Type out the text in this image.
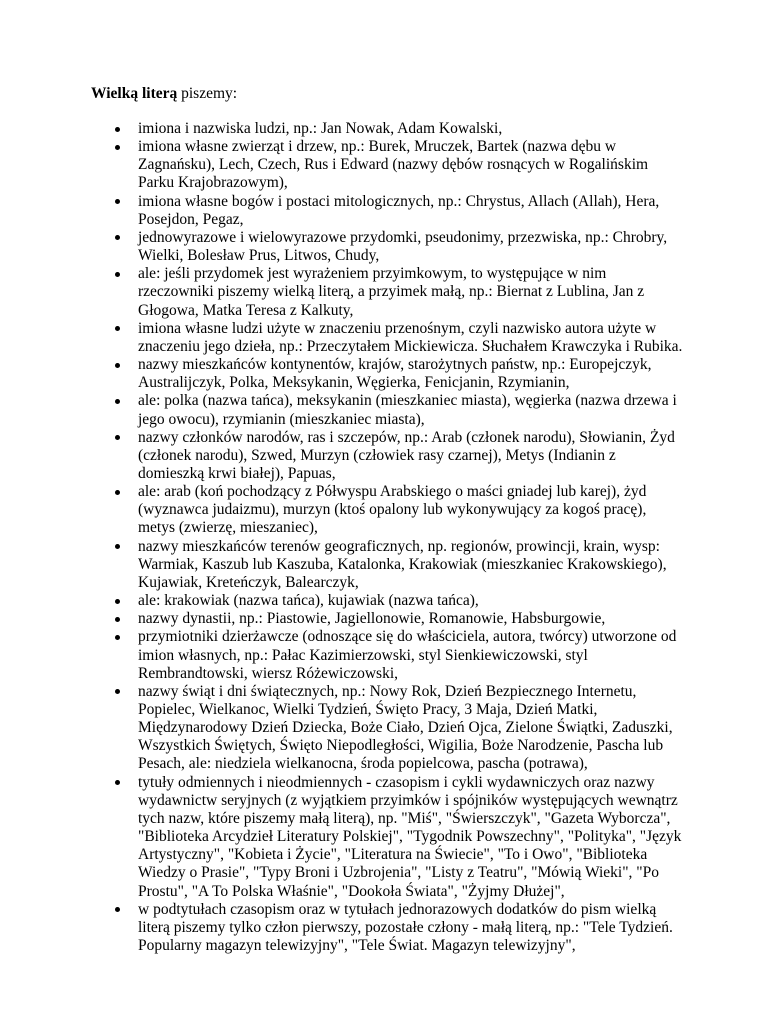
Wielką literą piszemy:
imiona i nazwiska ludzi, np.: Jan Nowak, Adam Kowalski,
imiona własne zwierząt i drzew, np.: Burek, Mruczek, Bartek (nazwa dębu w Zagnańsku), Lech, Czech, Rus i Edward (nazwy dębów rosnących w Rogalińskim Parku Krajobrazowym),
imiona własne bogów i postaci mitologicznych, np.: Chrystus, Allach (Allah), Hera, Posejdon, Pegaz,
jednowyrazowe i wielowyrazowe przydomki, pseudonimy, przezwiska, np.: Chrobry, Wielki, Bolesław Prus, Litwos, Chudy,
ale: jeśli przydomek jest wyrażeniem przyimkowym, to występujące w nim rzeczowniki piszemy wielką literą, a przyimek małą, np.: Biernat z Lublina, Jan z Głogowa, Matka Teresa z Kalkuty,
imiona własne ludzi użyte w znaczeniu przenośnym, czyli nazwisko autora użyte w znaczeniu jego dzieła, np.: Przeczytałem Mickiewicza. Słuchałem Krawczyka i Rubika.
nazwy mieszkańców kontynentów, krajów, starożytnych państw, np.: Europejczyk, Australijczyk, Polka, Meksykanin, Węgierka, Fenicjanin, Rzymianin,
ale: polka (nazwa tańca), meksykanin (mieszkaniec miasta), węgierka (nazwa drzewa i jego owocu), rzymianin (mieszkaniec miasta),
nazwy członków narodów, ras i szczepów, np.: Arab (członek narodu), Słowianin, Żyd (członek narodu), Szwed, Murzyn (człowiek rasy czarnej), Metys (Indianin z domieszką krwi białej), Papuas,
ale: arab (koń pochodzący z Półwyspu Arabskiego o maści gniadej lub karej), żyd (wyznawca judaizmu), murzyn (ktoś opalony lub wykonywujący za kogoś pracę), metys (zwierzę, mieszaniec),
nazwy mieszkańców terenów geograficznych, np. regionów, prowincji, krain, wysp: Warmiak, Kaszub lub Kaszuba, Katalonka, Krakowiak (mieszkaniec Krakowskiego), Kujawiak, Kreteńczyk, Balearczyk,
ale: krakowiak (nazwa tańca), kujawiak (nazwa tańca),
nazwy dynastii, np.: Piastowie, Jagiellonowie, Romanowie, Habsburgowie,
przymiotniki dzierżawcze (odnoszące się do właściciela, autora, twórcy) utworzone od imion własnych, np.: Pałac Kazimierzowski, styl Sienkiewiczowski, styl Rembrandtowski, wiersz Różewiczowski,
nazwy świąt i dni świątecznych, np.: Nowy Rok, Dzień Bezpiecznego Internetu, Popielec, Wielkanoc, Wielki Tydzień, Święto Pracy, 3 Maja, Dzień Matki, Międzynarodowy Dzień Dziecka, Boże Ciało, Dzień Ojca, Zielone Świątki, Zaduszki, Wszystkich Świętych, Święto Niepodległości, Wigilia, Boże Narodzenie, Pascha lub Pesach, ale: niedziela wielkanocna, środa popielcowa, pascha (potrawa),
tytuły odmiennych i nieodmiennych - czasopism i cykli wydawniczych oraz nazwy wydawnictw seryjnych (z wyjątkiem przyimków i spójników występujących wewnątrz tych nazw, które piszemy małą literą), np. "Miś", "Świerszczyk", "Gazeta Wyborcza", "Biblioteka Arcydzieł Literatury Polskiej", "Tygodnik Powszechny", "Polityka", "Język Artystyczny", "Kobieta i Życie", "Literatura na Świecie", "To i Owo", "Biblioteka Wiedzy o Prasie", "Typy Broni i Uzbrojenia", "Listy z Teatru", "Mówią Wieki", "Po Prostu", "A To Polska Właśnie", "Dookoła Świata", "Żyjmy Dłużej",
w podtytułach czasopism oraz w tytułach jednorazowych dodatków do pism wielką literą piszemy tylko człon pierwszy, pozostałe człony - małą literą, np.: "Tele Tydzień. Popularny magazyn telewizyjny", "Tele Świat. Magazyn telewizyjny",
